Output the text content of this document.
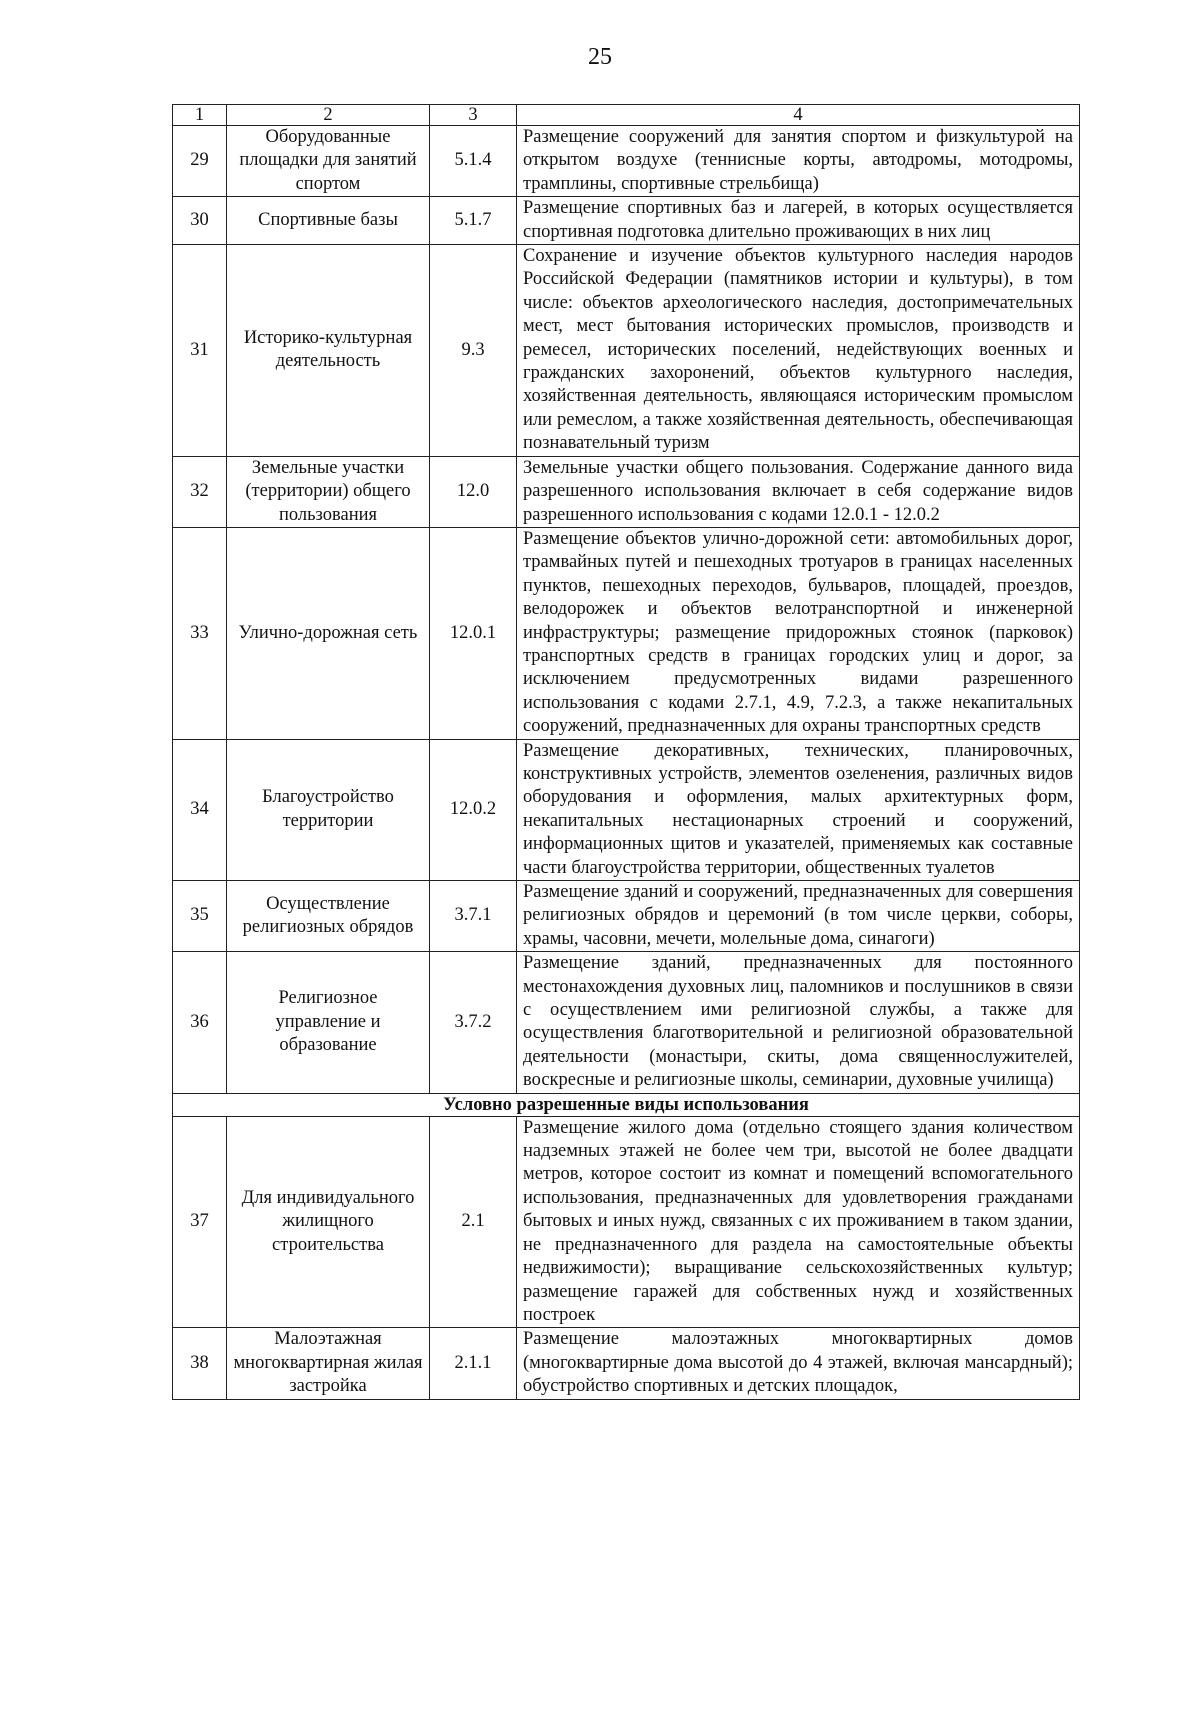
25
1	2	3	4
29	Оборудованные площадки для занятий спортом	5.1.4	Размещение сооружений для занятия спортом и физкультурой на открытом воздухе (теннисные корты, автодромы, мотодромы, трамплины, спортивные стрельбища)
30	Спортивные базы	5.1.7	Размещение спортивных баз и лагерей, в которых осуществляется спортивная подготовка длительно проживающих в них лиц
31	Историко-культурная деятельность	9.3	Сохранение и изучение объектов культурного наследия народов Российской Федерации (памятников истории и культуры), в том числе: объектов археологического наследия, достопримечательных мест, мест бытования исторических промыслов, производств и ремесел, исторических поселений, недействующих военных и гражданских захоронений, объектов культурного наследия, хозяйственная деятельность, являющаяся историческим промыслом или ремеслом, а также хозяйственная деятельность, обеспечивающая познавательный туризм
32	Земельные участки (территории) общего пользования	12.0	Земельные участки общего пользования. Содержание данного вида разрешенного использования включает в себя содержание видов разрешенного использования с кодами 12.0.1 - 12.0.2
33	Улично-дорожная сеть	12.0.1	Размещение объектов улично-дорожной сети: автомобильных дорог, трамвайных путей и пешеходных тротуаров в границах населенных пунктов, пешеходных переходов, бульваров, площадей, проездов, велодорожек и объектов велотранспортной и инженерной инфраструктуры; размещение придорожных стоянок (парковок) транспортных средств в границах городских улиц и дорог, за исключением предусмотренных видами разрешенного использования с кодами 2.7.1, 4.9, 7.2.3, а также некапитальных сооружений, предназначенных для охраны транспортных средств
34	Благоустройство территории	12.0.2	Размещение декоративных, технических, планировочных, конструктивных устройств, элементов озеленения, различных видов оборудования и оформления, малых архитектурных форм, некапитальных нестационарных строений и сооружений, информационных щитов и указателей, применяемых как составные части благоустройства территории, общественных туалетов
35	Осуществление религиозных обрядов	3.7.1	Размещение зданий и сооружений, предназначенных для совершения религиозных обрядов и церемоний (в том числе церкви, соборы, храмы, часовни, мечети, молельные дома, синагоги)
36	Религиозное управление и образование	3.7.2	Размещение зданий, предназначенных для постоянного местонахождения духовных лиц, паломников и послушников в связи с осуществлением ими религиозной службы, а также для осуществления благотворительной и религиозной образовательной деятельности (монастыри, скиты, дома священнослужителей, воскресные и религиозные школы, семинарии, духовные училища)
Условно разрешенные виды использования			
37	Для индивидуального жилищного строительства	2.1	Размещение жилого дома (отдельно стоящего здания количеством надземных этажей не более чем три, высотой не более двадцати метров, которое состоит из комнат и помещений вспомогательного использования, предназначенных для удовлетворения гражданами бытовых и иных нужд, связанных с их проживанием в таком здании, не предназначенного для раздела на самостоятельные объекты недвижимости); выращивание сельскохозяйственных культур; размещение гаражей для собственных нужд и хозяйственных построек
38	Малоэтажная многоквартирная жилая застройка	2.1.1	Размещение малоэтажных многоквартирных домов (многоквартирные дома высотой до 4 этажей, включая мансардный); обустройство спортивных и детских площадок,
